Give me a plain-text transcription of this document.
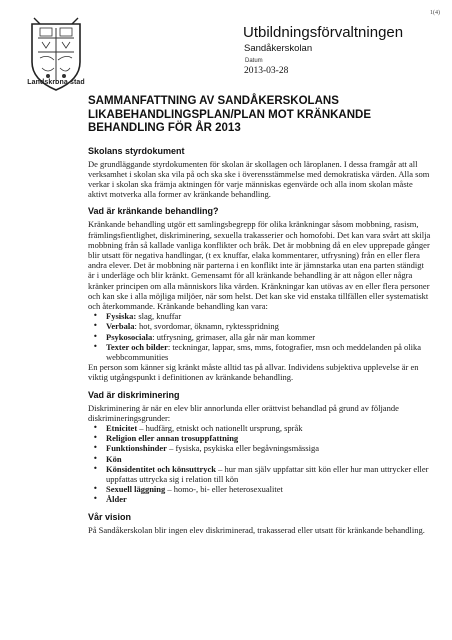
1(4)
Landskrona stad
Utbildningsförvaltningen
Sandåkerskolan
Datum
2013-03-28
SAMMANFATTNING AV SANDÅKERSKOLANS LIKABEHANDLINGSPLAN/PLAN MOT KRÄNKANDE BEHANDLING FÖR ÅR 2013
Skolans styrdokument

De grundläggande styrdokumenten för skolan är skollagen och läroplanen. I dessa framgår att all verksamhet i skolan ska vila på och ska ske i överensstämmelse med demokratiska värden. Alla som verkar i skolan ska främja aktningen för varje människas egenvärde och alla inom skolan måste aktivt motverka alla former av kränkande behandling.

Vad är kränkande behandling?

Kränkande behandling utgör ett samlingsbegrepp för olika kränkningar såsom mobbning, rasism, främlingsfientlighet, diskriminering, sexuella trakasserier och homofobi. Det kan vara svårt att skilja mobbning från så kallade vanliga konflikter och bråk. Det är mobbning då en elev upprepade gånger blir utsatt för negativa handlingar, (t ex knuffar, elaka kommentarer, utfrysning) från en eller flera andra elever. Det är mobbning när parterna i en konflikt inte är jämnstarka utan ena parten ständigt är i underläge och blir kränkt. Gemensamt för all kränkande behandling är att någon eller några kränker principen om alla människors lika värden. Kränkningar kan utövas av en eller flera personer och kan ske i alla möjliga miljöer, när som helst. Det kan ske vid enstaka tillfällen eller systematiskt och återkommande. Kränkande behandling kan vara:

• Fysiska: slag, knuffar
• Verbala: hot, svordomar, öknamn, ryktesspridning
• Psykosociala: utfrysning, grimaser, alla går när man kommer
• Texter och bilder: teckningar, lappar, sms, mms, fotografier, msn och meddelanden på olika webbcommunities

En person som känner sig kränkt måste alltid tas på allvar. Individens subjektiva upplevelse är en viktig utgångspunkt i definitionen av kränkande behandling.

Vad är diskriminering

Diskriminering är när en elev blir annorlunda eller orättvist behandlad på grund av följande diskrimineringsgrunder:

• Etnicitet – hudfärg, etniskt och nationellt ursprung, språk
• Religion eller annan trosuppfattning
• Funktionshinder – fysiska, psykiska eller begåvningsmässiga
• Kön
• Könsidentitet och könsuttryck – hur man själv uppfattar sitt kön eller hur man uttrycker eller uppfattas uttrycka sig i relation till kön
• Sexuell läggning – homo-, bi- eller heterosexualitet
• Ålder
Vår vision

På Sandåkerskolan blir ingen elev diskriminerad, trakasserad eller utsatt för kränkande behandling.
